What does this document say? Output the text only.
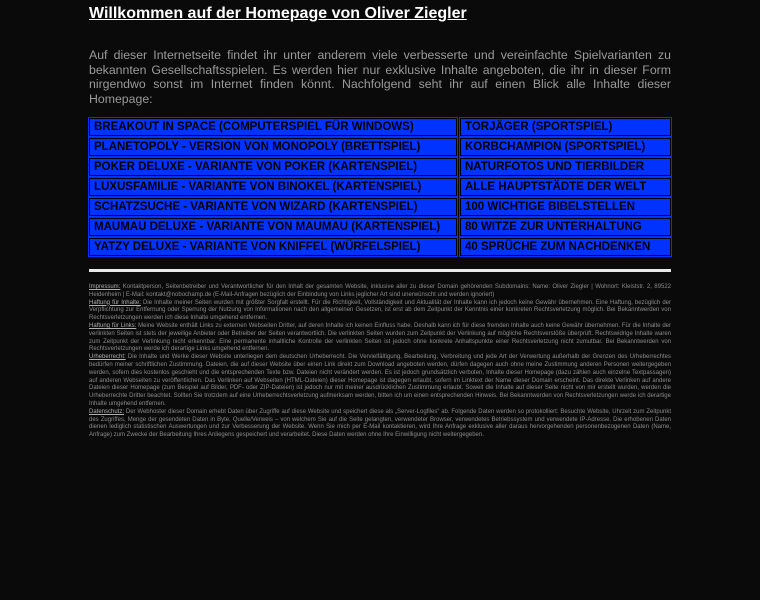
Willkommen auf der Homepage von Oliver Ziegler
Auf dieser Internetseite findet ihr unter anderem viele verbesserte und vereinfachte Spielvarianten zu bekannten Gesellschaftsspielen. Es werden hier nur exklusive Inhalte angeboten, die ihr in dieser Form nirgendwo sonst im Internet finden könnt. Nachfolgend seht ihr auf einen Blick alle Inhalte dieser Homepage:
BREAKOUT IN SPACE (COMPUTERSPIEL FÜR WINDOWS)	TORJÄGER (SPORTSPIEL)
PLANETOPOLY - VERSION VON MONOPOLY (BRETTSPIEL)	KORBCHAMPION (SPORTSPIEL)
POKER DELUXE - VARIANTE VON POKER (KARTENSPIEL)	NATURFOTOS UND TIERBILDER
LUXUSFAMILIE - VARIANTE VON BINOKEL (KARTENSPIEL)	ALLE HAUPTSTÄDTE DER WELT
SCHATZSUCHE - VARIANTE VON WIZARD (KARTENSPIEL)	100 WICHTIGE BIBELSTELLEN
MAUMAU DELUXE - VARIANTE VON MAUMAU (KARTENSPIEL)	80 WITZE ZUR UNTERHALTUNG
YATZY DELUXE - VARIANTE VON KNIFFEL (WÜRFELSPIEL)	40 SPRÜCHE ZUM NACHDENKEN
Impressum: Kontaktperson, Seitenbetreiber und Verantwortlicher für den Inhalt der gesamten Website, inklusive aller zu dieser Domain gehörenden Subdomains: Name: Oliver Ziegler | Wohnort: Kleiststr. 2, 89522 Heidenheim | E-Mail: kontakt@nobochamp.de (E-Mail-Anfragen bezüglich der Einbindung von Links jeglicher Art sind unerwünscht und werden ignoriert)
Haftung für Inhalte: Die Inhalte meiner Seiten wurden mit größter Sorgfalt erstellt. Für die Richtigkeit, Vollständigkeit und Aktualität der Inhalte kann ich jedoch keine Gewähr übernehmen. Eine Haftung, bezüglich der Verpflichtung zur Entfernung oder Sperrung der Nutzung von Informationen nach den allgemeinen Gesetzen, ist erst ab dem Zeitpunkt der Kenntnis einer konkreten Rechtsverletzung möglich. Bei Bekanntwerden von Rechtsverletzungen werden ich diese Inhalte umgehend entfernen.
Haftung für Links: Meine Website enthält Links zu externen Webseiten Dritter, auf deren Inhalte ich keinen Einfluss habe. Deshalb kann ich für diese fremden Inhalte auch keine Gewähr übernehmen. Für die Inhalte der verlinkten Seiten ist stets der jeweilige Anbieter oder Betreiber der Seiten verantwortlich. Die verlinkten Seiten wurden zum Zeitpunkt der Verlinkung auf mögliche Rechtsverstöße überprüft. Rechtswidrige Inhalte waren zum Zeitpunkt der Verlinkung nicht erkennbar. Eine permanente inhaltliche Kontrolle der verlinkten Seiten ist jedoch ohne konkrete Anhaltspunkte einer Rechtsverletzung nicht zumutbar. Bei Bekanntwerden von Rechtsverletzungen werde ich derartige Links umgehend entfernen.
Urheberrecht: Die Inhalte und Werke dieser Website unterliegen dem deutschen Urheberrecht. Die Vervielfältigung, Bearbeitung, Verbreitung und jede Art der Verwertung außerhalb der Grenzen des Urheberrechtes bedürfen meiner schriftlichen Zustimmung. Dateien, die auf dieser Website über einen Link direkt zum Download angeboten werden, dürfen dagegen auch ohne meine Zustimmung anderen Personen weitergegeben werden, sofern dies kostenlos geschieht und die entsprechenden Texte bzw. Dateien nicht verändert werden. Es ist jedoch grundsätzlich verboten, Inhalte dieser Homepage (dazu zählen auch einzelne Textpassagen) auf anderen Webseiten zu veröffentlichen. Das Verlinken auf Webseiten (HTML-Dateien) dieser Homepage ist dagegen erlaubt, sofern im Linktext der Name dieser Domain erscheint. Das direkte Verlinken auf andere Dateien dieser Homepage (zum Beispiel auf Bilder, PDF- oder ZIP-Dateien) ist jedoch nur mit meiner ausdrücklichen Zustimmung erlaubt. Soweit die Inhalte auf dieser Seite nicht von mir erstellt wurden, werden die Urheberrechte Dritter beachtet. Sollten Sie trotzdem auf eine Urheberrechtsverletzung aufmerksam werden, bitten ich um einen entsprechenden Hinweis. Bei Bekanntwerden von Rechtsverletzungen werde ich derartige Inhalte umgehend entfernen.
Datenschutz: Der Webhoster dieser Domain erhebt Daten über Zugriffe auf diese Website und speichert diese als „Server-Logfiles“ ab. Folgende Daten werden so protokolliert: Besuchte Website, Uhrzeit zum Zeitpunkt des Zugriffes, Menge der gesendeten Daten in Byte, Quelle/Verweis – von welchem Sie auf die Seite gelangten, verwendeter Browser, verwendetes Betriebssystem und verwendete IP-Adresse. Die erhobenen Daten dienen lediglich statistischen Auswertungen und zur Verbesserung der Website. Wenn Sie mich per E-Mail kontaktieren, wird Ihre Anfrage exklusive aller daraus hervorgehenden personenbezogenen Daten (Name, Anfrage) zum Zwecke der Bearbeitung Ihres Anliegens gespeichert und verarbeitet. Diese Daten werden ohne Ihre Einwilligung nicht weitergegeben.
